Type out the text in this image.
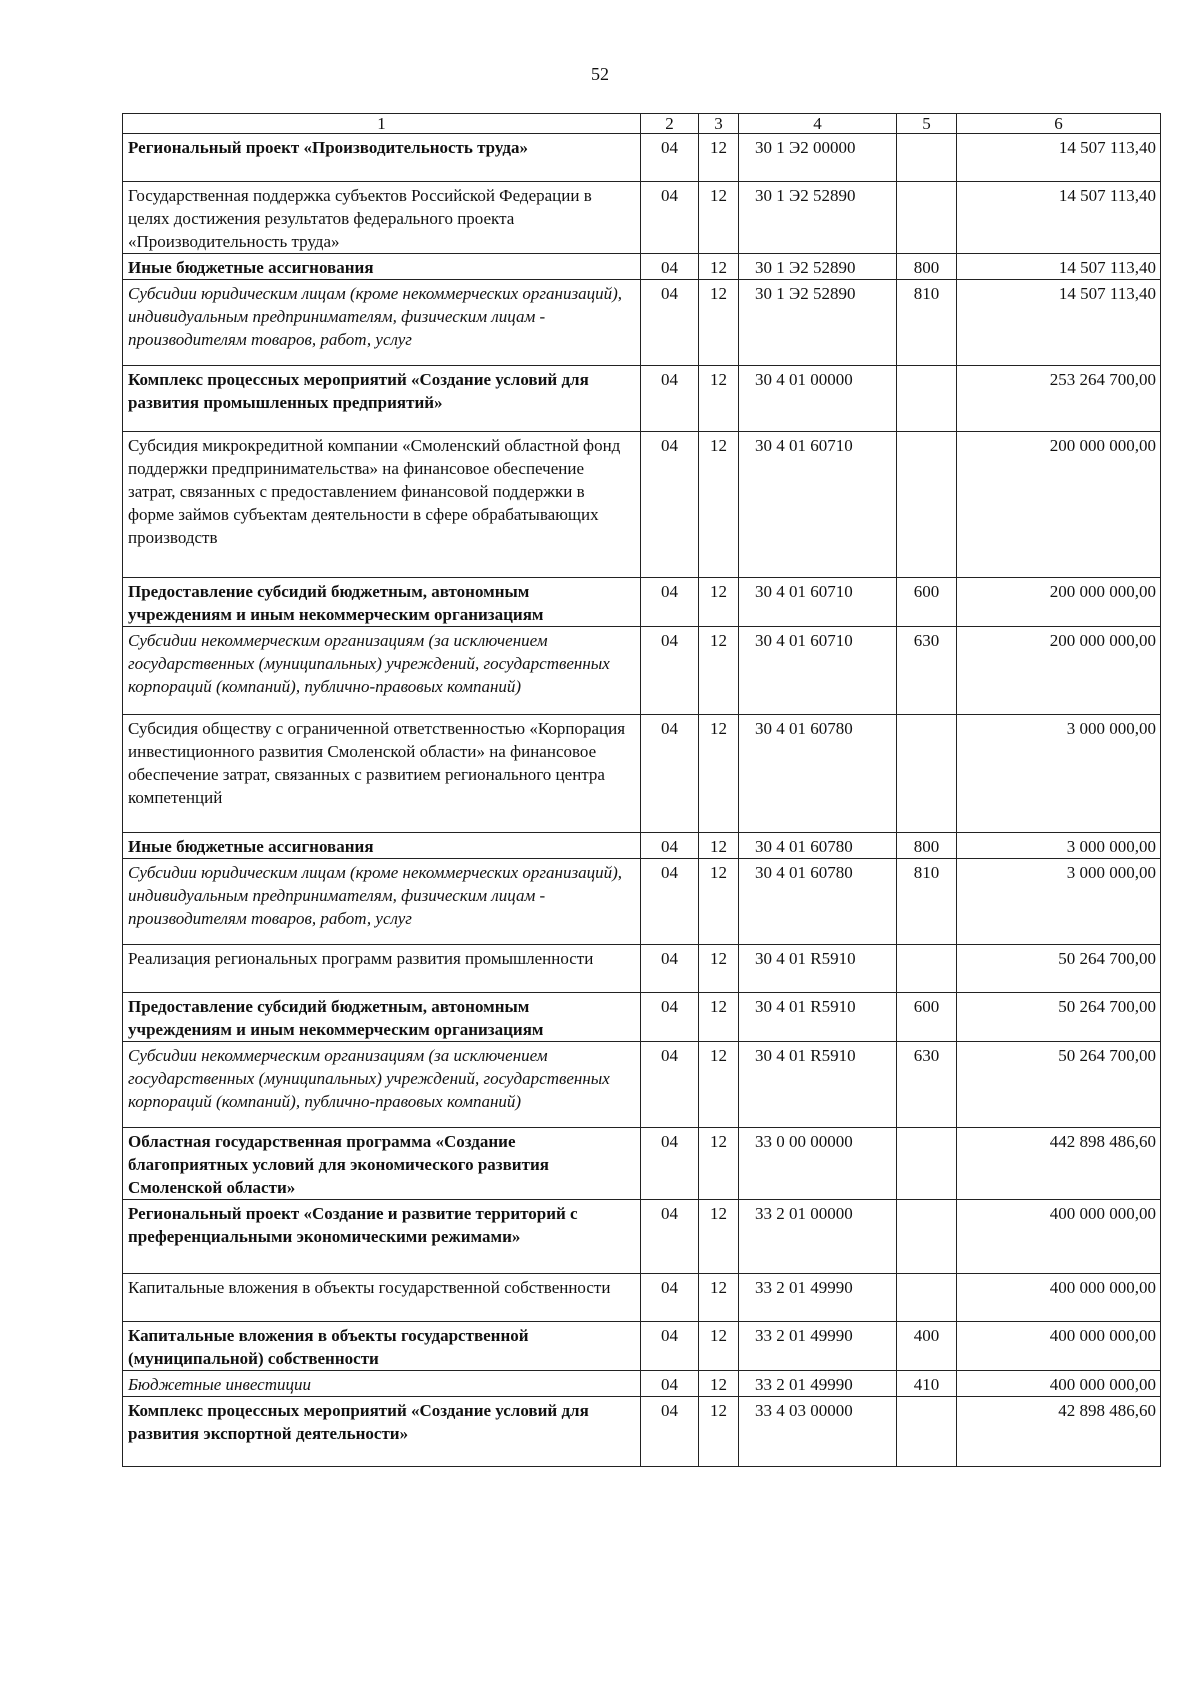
52
1	2	3	4	5	6
Региональный проект «Производительность труда»	04	12	30 1 Э2 00000		14 507 113,40
Государственная поддержка субъектов Российской Федерации в целях достижения результатов федерального проекта «Производительность труда»	04	12	30 1 Э2 52890		14 507 113,40
Иные бюджетные ассигнования	04	12	30 1 Э2 52890	800	14 507 113,40
Субсидии юридическим лицам (кроме некоммерческих организаций), индивидуальным предпринимателям, физическим лицам - производителям товаров, работ, услуг	04	12	30 1 Э2 52890	810	14 507 113,40
Комплекс процессных мероприятий «Создание условий для развития промышленных предприятий»	04	12	30 4 01 00000		253 264 700,00
Субсидия микрокредитной компании «Смоленский областной фонд поддержки предпринимательства» на финансовое обеспечение затрат, связанных с предоставлением финансовой поддержки в форме займов субъектам деятельности в сфере обрабатывающих производств	04	12	30 4 01 60710		200 000 000,00
Предоставление субсидий бюджетным, автономным учреждениям и иным некоммерческим организациям	04	12	30 4 01 60710	600	200 000 000,00
Субсидии некоммерческим организациям (за исключением государственных (муниципальных) учреждений, государственных корпораций (компаний), публично-правовых компаний)	04	12	30 4 01 60710	630	200 000 000,00
Субсидия обществу с ограниченной ответственностью «Корпорация инвестиционного развития Смоленской области» на финансовое обеспечение затрат, связанных с развитием регионального центра компетенций	04	12	30 4 01 60780		3 000 000,00
Иные бюджетные ассигнования	04	12	30 4 01 60780	800	3 000 000,00
Субсидии юридическим лицам (кроме некоммерческих организаций), индивидуальным предпринимателям, физическим лицам - производителям товаров, работ, услуг	04	12	30 4 01 60780	810	3 000 000,00
Реализация региональных программ развития промышленности	04	12	30 4 01 R5910		50 264 700,00
Предоставление субсидий бюджетным, автономным учреждениям и иным некоммерческим организациям	04	12	30 4 01 R5910	600	50 264 700,00
Субсидии некоммерческим организациям (за исключением государственных (муниципальных) учреждений, государственных корпораций (компаний), публично-правовых компаний)	04	12	30 4 01 R5910	630	50 264 700,00
Областная государственная программа «Создание благоприятных условий для экономического развития Смоленской области»	04	12	33 0 00 00000		442 898 486,60
Региональный проект «Создание и развитие территорий с преференциальными экономическими режимами»	04	12	33 2 01 00000		400 000 000,00
Капитальные вложения в объекты государственной собственности	04	12	33 2 01 49990		400 000 000,00
Капитальные вложения в объекты государственной (муниципальной) собственности	04	12	33 2 01 49990	400	400 000 000,00
Бюджетные инвестиции	04	12	33 2 01 49990	410	400 000 000,00
Комплекс процессных мероприятий «Создание условий для развития экспортной деятельности»	04	12	33 4 03 00000		42 898 486,60
